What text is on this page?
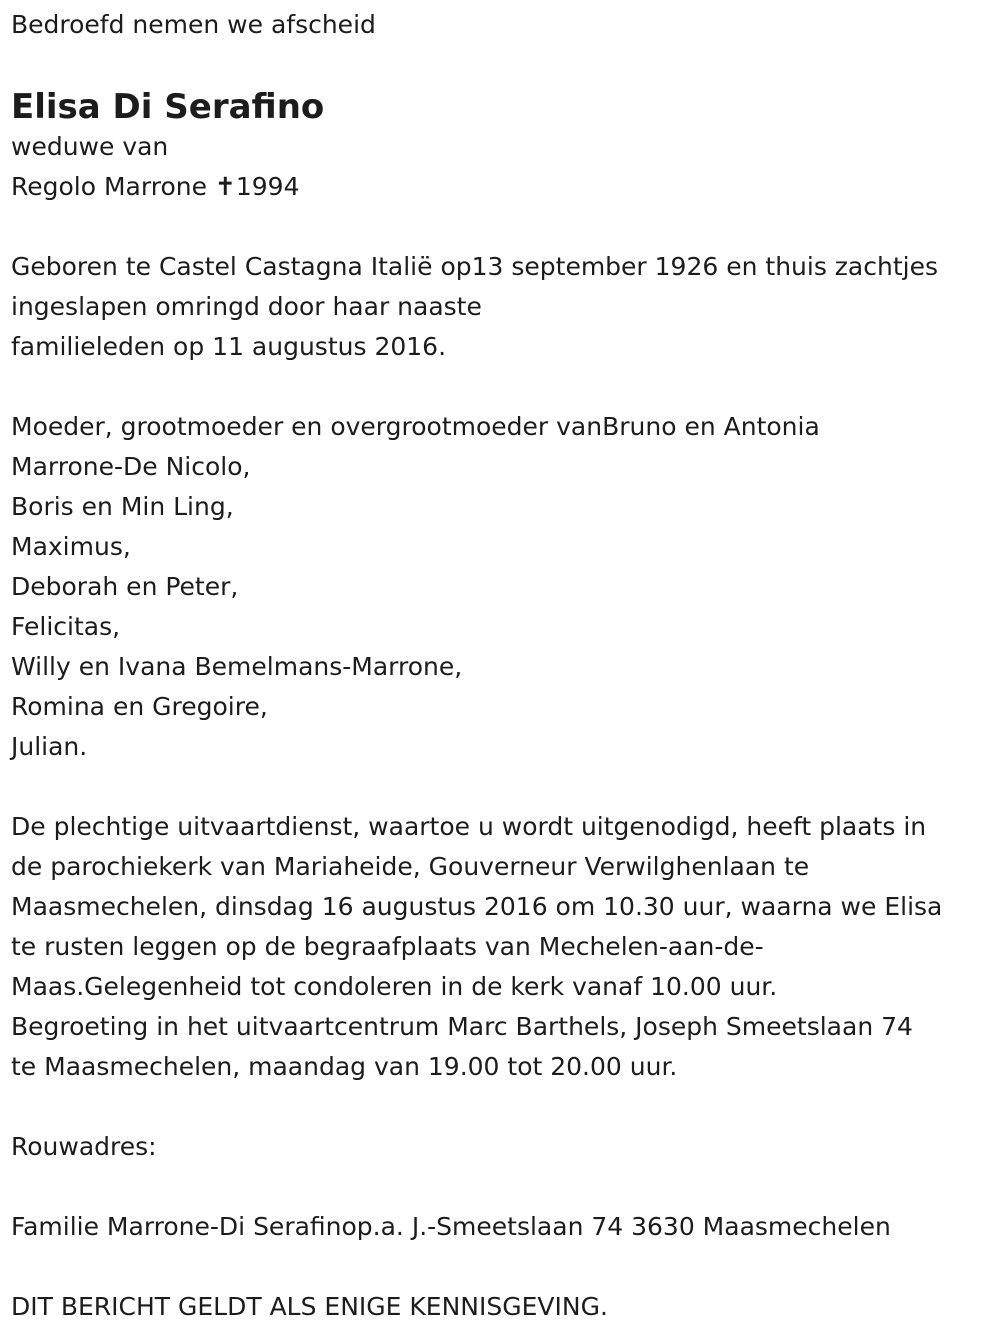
Bedroefd nemen we afscheid

Elisa Di Serafino

weduwe van

Regolo Marrone ✝1994

Geboren te Castel Castagna Italië op13 september 1926 en thuis zachtjes

ingeslapen omringd door haar naaste

familieleden op 11 augustus 2016.

Moeder, grootmoeder en overgrootmoeder vanBruno en Antonia

Marrone-De Nicolo,

Boris en Min Ling,

Maximus,

Deborah en Peter,

Felicitas,

Willy en Ivana Bemelmans-Marrone,

Romina en Gregoire,

Julian.

De plechtige uitvaartdienst, waartoe u wordt uitgenodigd, heeft plaats in

de parochiekerk van Mariaheide, Gouverneur Verwilghenlaan te

Maasmechelen, dinsdag 16 augustus 2016 om 10.30 uur, waarna we Elisa

te rusten leggen op de begraafplaats van Mechelen-aan-de-

Maas.Gelegenheid tot condoleren in de kerk vanaf 10.00 uur.

Begroeting in het uitvaartcentrum Marc Barthels, Joseph Smeetslaan 74

te Maasmechelen, maandag van 19.00 tot 20.00 uur.

Rouwadres:

Familie Marrone-Di Serafinop.a. J.-Smeetslaan 74 3630 Maasmechelen

DIT BERICHT GELDT ALS ENIGE KENNISGEVING.
